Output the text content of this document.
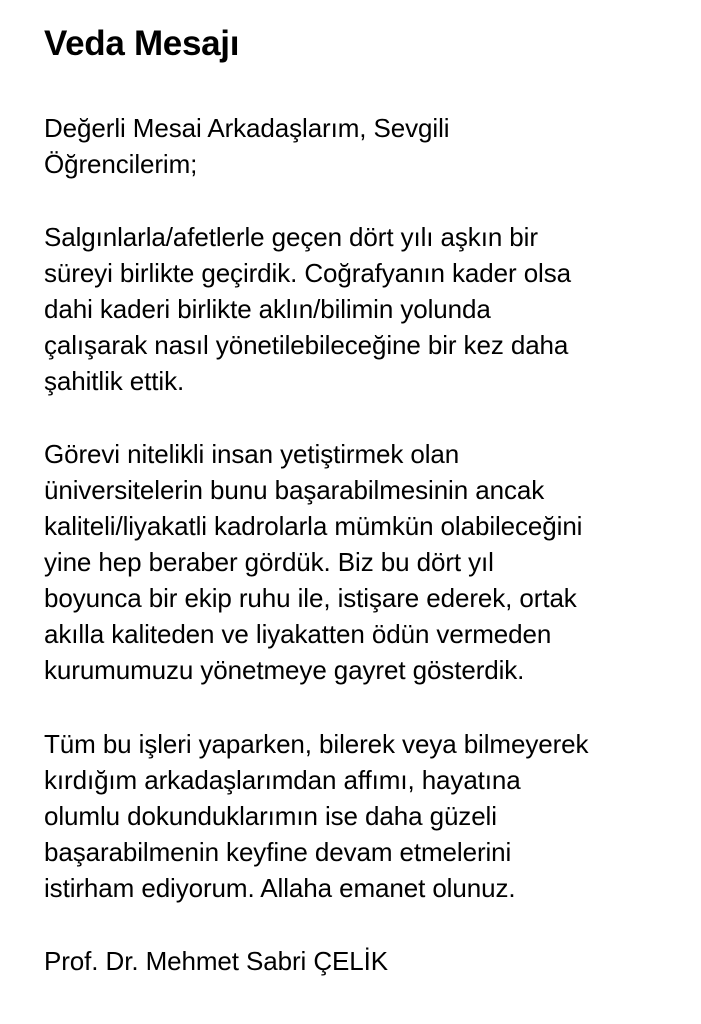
Veda Mesajı
Değerli Mesai Arkadaşlarım, Sevgili
Öğrencilerim;
Salgınlarla/afetlerle geçen dört yılı aşkın bir
süreyi birlikte geçirdik. Coğrafyanın kader olsa
dahi kaderi birlikte aklın/bilimin yolunda
çalışarak nasıl yönetilebileceğine bir kez daha
şahitlik ettik.
Görevi nitelikli insan yetiştirmek olan
üniversitelerin bunu başarabilmesinin ancak
kaliteli/liyakatli kadrolarla mümkün olabileceğini
yine hep beraber gördük. Biz bu dört yıl
boyunca bir ekip ruhu ile, istişare ederek, ortak
akılla kaliteden ve liyakatten ödün vermeden
kurumumuzu yönetmeye gayret gösterdik.
Tüm bu işleri yaparken, bilerek veya bilmeyerek
kırdığım arkadaşlarımdan affımı, hayatına
olumlu dokunduklarımın ise daha güzeli
başarabilmenin keyfine devam etmelerini
istirham ediyorum. Allaha emanet olunuz.
Prof. Dr. Mehmet Sabri ÇELİK
